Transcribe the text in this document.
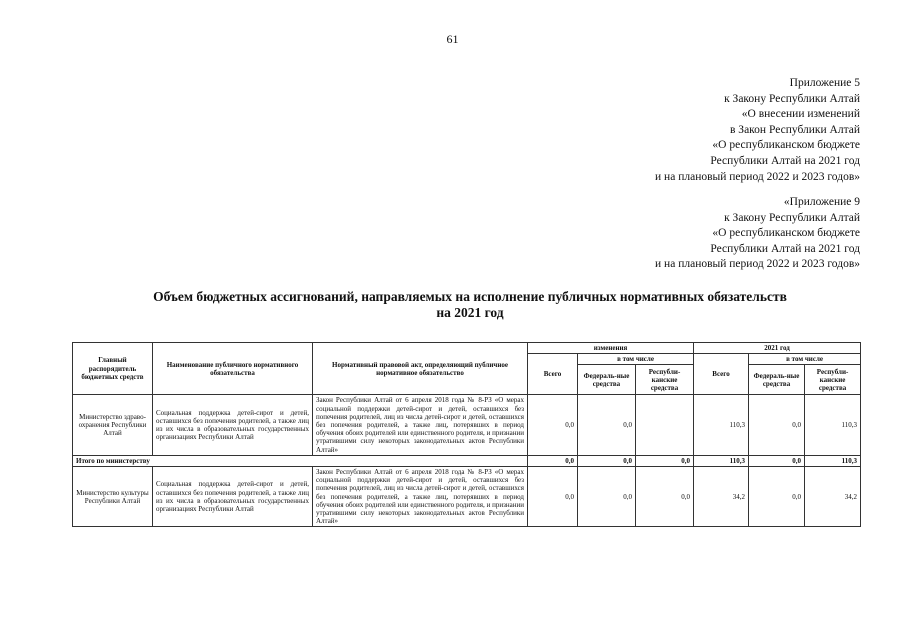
61
Приложение 5
к Закону Республики Алтай
«О внесении изменений
в Закон Республики Алтай
«О республиканском бюджете
Республики Алтай на 2021 год
и на плановый период 2022 и 2023 годов»
«Приложение 9
к Закону Республики Алтай
«О республиканском бюджете
Республики Алтай на 2021 год
и на плановый период 2022 и 2023 годов»
Объем бюджетных ассигнований, направляемых на исполнение публичных нормативных обязательств
на 2021 год
Главный распорядитель бюджетных средств	Наименование публичного нормативного обязательства	Нормативный правовой акт, определяющий публичное нормативное обязательство	изменения			2021 год		
			Всего	в том числе		Всего	в том числе	
				Федераль-ные средства	Республи-канские средства		Федераль-ные средства	Республи-канские средства
Министерство здраво-охранения Республики Алтай	Социальная поддержка детей-сирот и детей, оставшихся без попечения родителей, а также лиц из их числа в образовательных государственных организациях Республики Алтай	Закон Республики Алтай от 6 апреля 2018 года № 8-РЗ «О мерах социальной поддержки детей-сирот и детей, оставшихся без попечения родителей, лиц из числа детей-сирот и детей, оставшихся без попечения родителей, а также лиц, потерявших в период обучения обоих родителей или единственного родителя, и признании утратившими силу некоторых законодательных актов Республики Алтай»	0,0	0,0		110,3	0,0	110,3
Итого по министерству			0,0	0,0	0,0	110,3	0,0	110,3
Министерство культуры Республики Алтай	Социальная поддержка детей-сирот и детей, оставшихся без попечения родителей, а также лиц из их числа в образовательных государственных организациях Республики Алтай	Закон Республики Алтай от 6 апреля 2018 года № 8-РЗ «О мерах социальной поддержки детей-сирот и детей, оставшихся без попечения родителей, лиц из числа детей-сирот и детей, оставшихся без попечения родителей, а также лиц, потерявших в период обучения обоих родителей или единственного родителя, и признании утратившими силу некоторых законодательных актов Республики Алтай»	0,0	0,0	0,0	34,2	0,0	34,2
